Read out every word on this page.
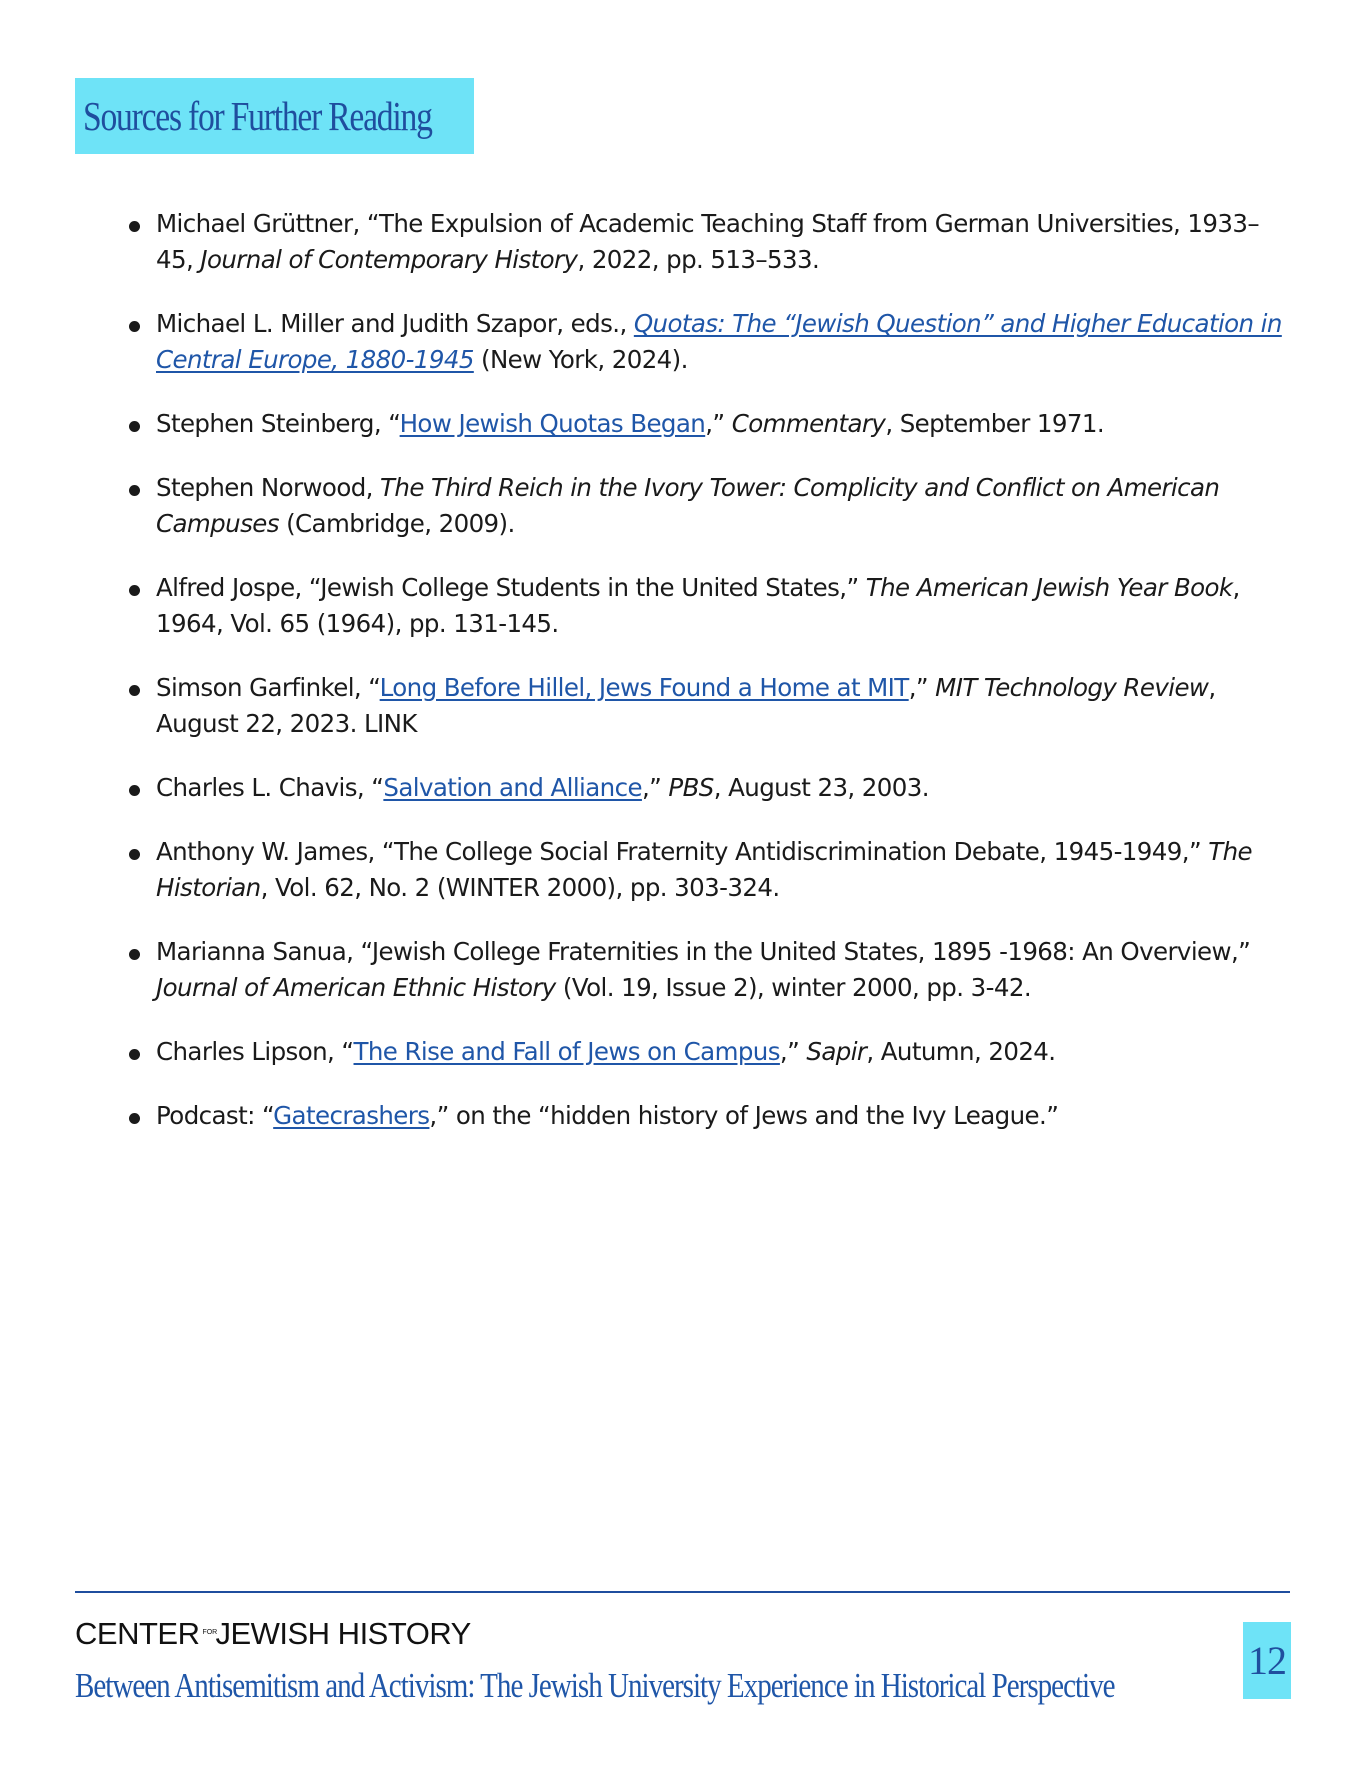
Sources for Further Reading
Michael Grüttner, “The Expulsion of Academic Teaching Staff from German Universities, 1933–45, Journal of Contemporary History, 2022, pp. 513–533.
Michael L. Miller and Judith Szapor, eds., Quotas: The “Jewish Question” and Higher Education in Central Europe, 1880-1945 (New York, 2024).
Stephen Steinberg, “How Jewish Quotas Began,” Commentary, September 1971.
Stephen Norwood, The Third Reich in the Ivory Tower: Complicity and Conflict on American Campuses (Cambridge, 2009).
Alfred Jospe, “Jewish College Students in the United States,” The American Jewish Year Book, 1964, Vol. 65 (1964), pp. 131-145.
Simson Garfinkel, “Long Before Hillel, Jews Found a Home at MIT,” MIT Technology Review, August 22, 2023. LINK
Charles L. Chavis, “Salvation and Alliance,” PBS, August 23, 2003.
Anthony W. James, “The College Social Fraternity Antidiscrimination Debate, 1945-1949,” The Historian, Vol. 62, No. 2 (WINTER 2000), pp. 303-324.
Marianna Sanua, “Jewish College Fraternities in the United States, 1895 -1968: An Overview,” Journal of American Ethnic History (Vol. 19, Issue 2), winter 2000, pp. 3-42.
Charles Lipson, “The Rise and Fall of Jews on Campus,” Sapir, Autumn, 2024.
Podcast: “Gatecrashers,” on the “hidden history of Jews and the Ivy League.”
CENTER FORJEWISH HISTORY
Between Antisemitism and Activism: The Jewish University Experience in Historical Perspective
12
